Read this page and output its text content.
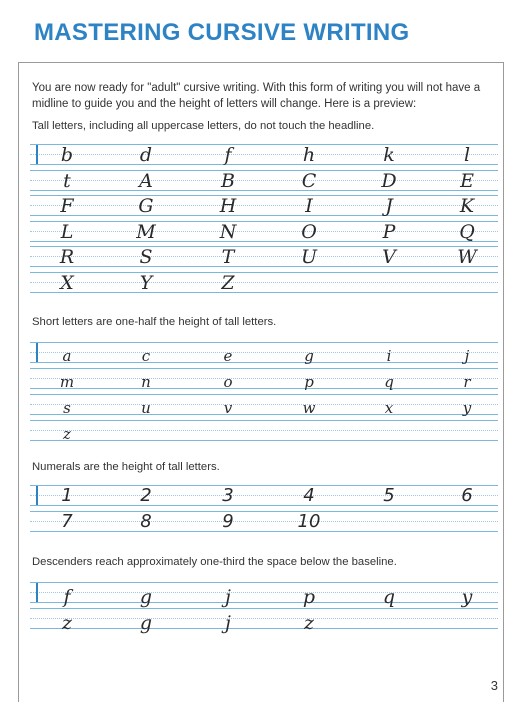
MASTERING CURSIVE WRITING

You are now ready for "adult" cursive writing. With this form of writing you will not have a midline to guide you and the height of letters will change. Here is a preview:

Tall letters, including all uppercase letters, do not touch the headline.

b	d	f	h	k	l
t	A	B	C	D	E
F	G	H	I	J	K
L	M	N	O	P	Q
R	S	T	U	V	W
X	Y	Z

Short letters are one-half the height of tall letters.

a	c	e	g	i	j
m	n	o	p	q	r
s	u	v	w	x	y
z

Numerals are the height of tall letters.

1	2	3	4	5	6
7	8	9	10

Descenders reach approximately one-third the space below the baseline.

f	g	j	p	q	y
z	g	j	z
3
